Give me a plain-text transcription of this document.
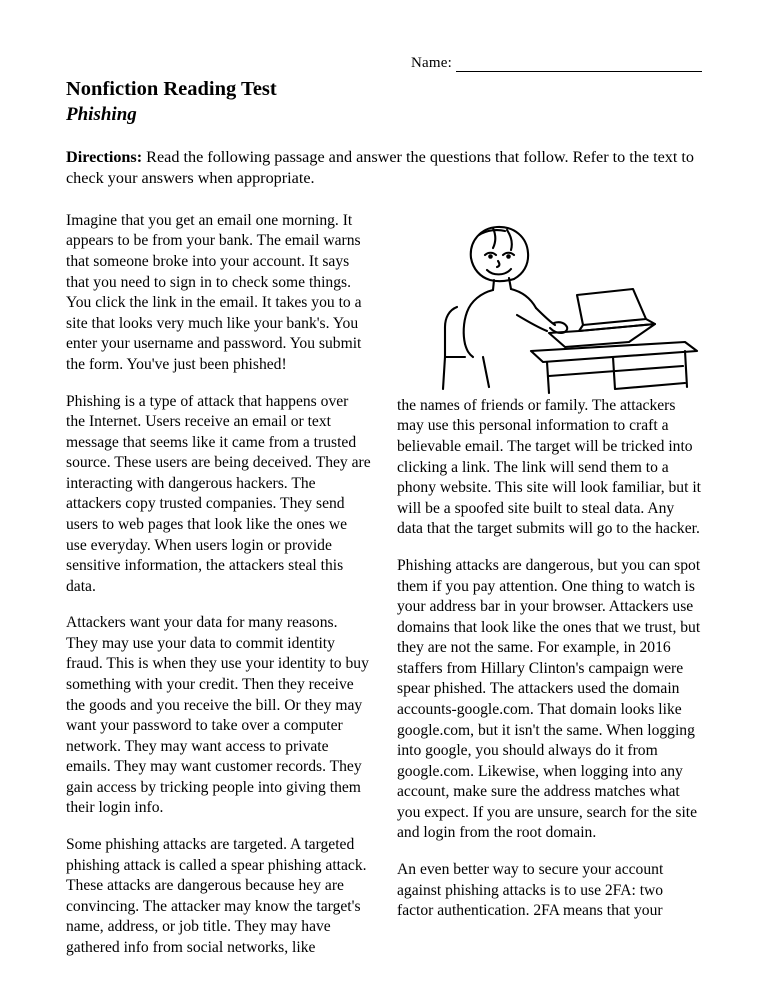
Name:
Nonfiction Reading Test
Phishing
Directions: Read the following passage and answer the questions that follow. Refer to the text to check your answers when appropriate.

Imagine that you get an email one morning. It appears to be from your bank. The email warns that someone broke into your account. It says that you need to sign in to check some things. You click the link in the email. It takes you to a site that looks very much like your bank's. You enter your username and password. You submit the form. You've just been phished!

Phishing is a type of attack that happens over the Internet. Users receive an email or text message that seems like it came from a trusted source. These users are being deceived. They are interacting with dangerous hackers. The attackers copy trusted companies. They send users to web pages that look like the ones we use everyday. When users login or provide sensitive information, the attackers steal this data.

Attackers want your data for many reasons. They may use your data to commit identity fraud. This is when they use your identity to buy something with your credit. Then they receive the goods and you receive the bill. Or they may want your password to take over a computer network. They may want access to private emails. They may want customer records. They gain access by tricking people into giving them their login info.

Some phishing attacks are targeted. A targeted phishing attack is called a spear phishing attack. These attacks are dangerous because hey are convincing. The attacker may know the target's name, address, or job title. They may have gathered info from social networks, like

the names of friends or family. The attackers may use this personal information to craft a believable email. The target will be tricked into clicking a link. The link will send them to a phony website. This site will look familiar, but it will be a spoofed site built to steal data. Any data that the target submits will go to the hacker.

Phishing attacks are dangerous, but you can spot them if you pay attention. One thing to watch is your address bar in your browser. Attackers use domains that look like the ones that we trust, but they are not the same. For example, in 2016 staffers from Hillary Clinton's campaign were spear phished. The attackers used the domain accounts-google.com. That domain looks like google.com, but it isn't the same. When logging into google, you should always do it from google.com. Likewise, when logging into any account, make sure the address matches what you expect. If you are unsure, search for the site and login from the root domain.

An even better way to secure your account against phishing attacks is to use 2FA: two factor authentication. 2FA means that your
